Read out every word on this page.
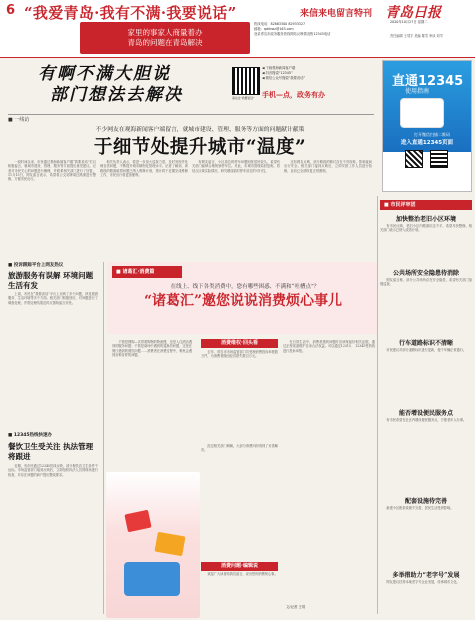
6 “我爱青岛·我有不满·我要说话”	来信来电留言特刊
家里的事家人商量着办
青岛的问题在青岛解决
热线电话：82863300 82933327
邮箱：qdrbwz@163.com
登录青岛市政务服务热线网站反映情况拨12345电话
青岛日报
2020年10月27日 星期二
责任编辑 王靖宇 美编 陈雪 审读 刘岑
有啊不满大胆说
部门想法去解决
◀ 下载观海新闻客户端
◀ 抖音搜索“12345”
◀ 微信公众号搜索“我要说话”
请关注“我要说话”	手机—点，政务有办
直通12345
使用指南
打开微信扫描二维码
进入直通12345页面
■ 一线访
不少网友在观海新闻客户端留言，就城市建设、管理、服务等方面的问题献计献策
于细节处提升城市“温度”

一段时间以来，市民通过观海新闻客户端“我要说话”栏目积极留言，就城市建设、管理、服务等方面提出意见建议。记者对市民关心的问题进行梳理，并联系相关部门进行了回复。11月15日，网友留言表示，希望将公交站牌周边路面进行整修，方便市民出行。

相关负责人表示，将进一步加大巡查力度，及时发现并处理各类问题，不断提升城市精细化管理水平。记者了解到，该路段的路面破损问题已纳入维修计划，预计将于近期完成维修工作，市民出行将更加便利。

有网友留言，小区周边的停车问题困扰居民较久，希望有关部门能够合理规划停车位。对此，市城市管理局回复称，将结合区域实际情况，研究增设临时停车泊位的可行性。

还有网友反映，部分路段的路灯存在不亮现象，影响夜间出行安全。相关部门接到反映后，立即安排工作人员进行检修，目前已全部恢复正常照明。

■ 投诉跟踪平台上网友热议
旅游服务有误解 环境问题生活有发

上周，市民在“我要说话”平台上反映了多个问题，涉及旅游服务、生活环境等多个方面。相关部门积极回应，对问题进行了调查处理，并将处理结果及时反馈给留言市民。

■ 12345热线快速办
餐饮卫生受关注 执法管理将跟进

近期，有市民通过12345热线反映，部分餐饮店卫生条件不达标。市场监管部门接到反映后，立即组织执法人员到现场进行检查，对存在问题的商户提出整改要求。

■ 诸葛汇·消费篇
在线上、线下各类消费中，您有哪些困惑、不满和“吐槽点”？
“诸葛汇”邀您说说消费烦心事儿

不管是网购—次带着购物的物流慢，还是入住酒店遇到的服务问题；不管是商场中遇到的退换货问题，还是在餐厅遇到的餐饮问题……消费者在消费过程中，难免会遇到各种各样的问题。

消费维权·回头看

去年，青岛市市场监管部门共受理消费投诉举报数万件，为消费者挽回经济损失数百万元。

经过相关部门调解，大部分消费纠纷得到了妥善解决。

消费问题·编辑说

欢迎广大读者给我们留言，说出您的消费烦心事。

在日常生活中，消费者遇到问题时应该保留好相关证据，通过正规渠道维护自身合法权益。可以通过12315、 12345等热线进行投诉举报。

文/记者 王靖
■ 市民评审团
加快整治老旧小区环境

有市民反映，老旧小区内路面坑洼不平，希望尽快整修。相关部门表示已纳入改造计划。

公共场所安全隐患待消除

网友留言称，部分公共场所存在安全隐患，希望有关部门加强巡查。

行车道路标识不清晰

市民建议对部分道路标识进行更新，便于车辆正常通行。

能否增设便民服务点

有市民希望在社区内增设便民服务点，方便老年人办事。

配套设施待完善

新建小区配套设施不完善，居民生活受到影响。

多举措助力“老字号”发展

网友建议扶持本地老字号企业发展，传承城市文化。
